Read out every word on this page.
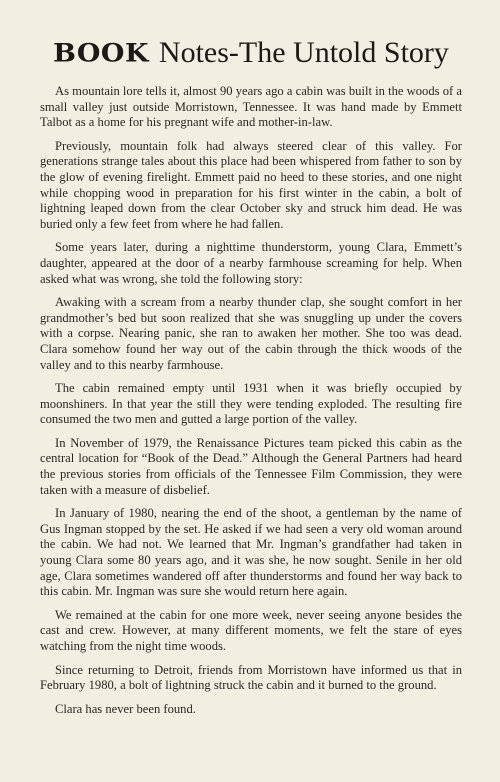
BOOK Notes-The Untold Story

As mountain lore tells it, almost 90 years ago a cabin was built in the woods of a small valley just outside Morristown, Tennessee. It was hand made by Emmett Talbot as a home for his pregnant wife and mother-in-law.

Previously, mountain folk had always steered clear of this valley. For generations strange tales about this place had been whispered from father to son by the glow of evening firelight. Emmett paid no heed to these stories, and one night while chopping wood in preparation for his first winter in the cabin, a bolt of lightning leaped down from the clear October sky and struck him dead. He was buried only a few feet from where he had fallen.

Some years later, during a nighttime thunderstorm, young Clara, Emmett’s daughter, appeared at the door of a nearby farmhouse screaming for help. When asked what was wrong, she told the following story:

Awaking with a scream from a nearby thunder clap, she sought comfort in her grandmother’s bed but soon realized that she was snuggling up under the covers with a corpse. Nearing panic, she ran to awaken her mother. She too was dead. Clara somehow found her way out of the cabin through the thick woods of the valley and to this nearby farmhouse.

The cabin remained empty until 1931 when it was briefly occupied by moonshiners. In that year the still they were tending exploded. The resulting fire consumed the two men and gutted a large portion of the valley.

In November of 1979, the Renaissance Pictures team picked this cabin as the central location for “Book of the Dead.” Although the General Partners had heard the previous stories from officials of the Tennessee Film Commission, they were taken with a measure of disbelief.

In January of 1980, nearing the end of the shoot, a gentleman by the name of Gus Ingman stopped by the set. He asked if we had seen a very old woman around the cabin. We had not. We learned that Mr. Ingman’s grandfather had taken in young Clara some 80 years ago, and it was she, he now sought. Senile in her old age, Clara sometimes wandered off after thunderstorms and found her way back to this cabin. Mr. Ingman was sure she would return here again.

We remained at the cabin for one more week, never seeing anyone besides the cast and crew. However, at many different moments, we felt the stare of eyes watching from the night time woods.

Since returning to Detroit, friends from Morristown have informed us that in February 1980, a bolt of lightning struck the cabin and it burned to the ground.

Clara has never been found.
